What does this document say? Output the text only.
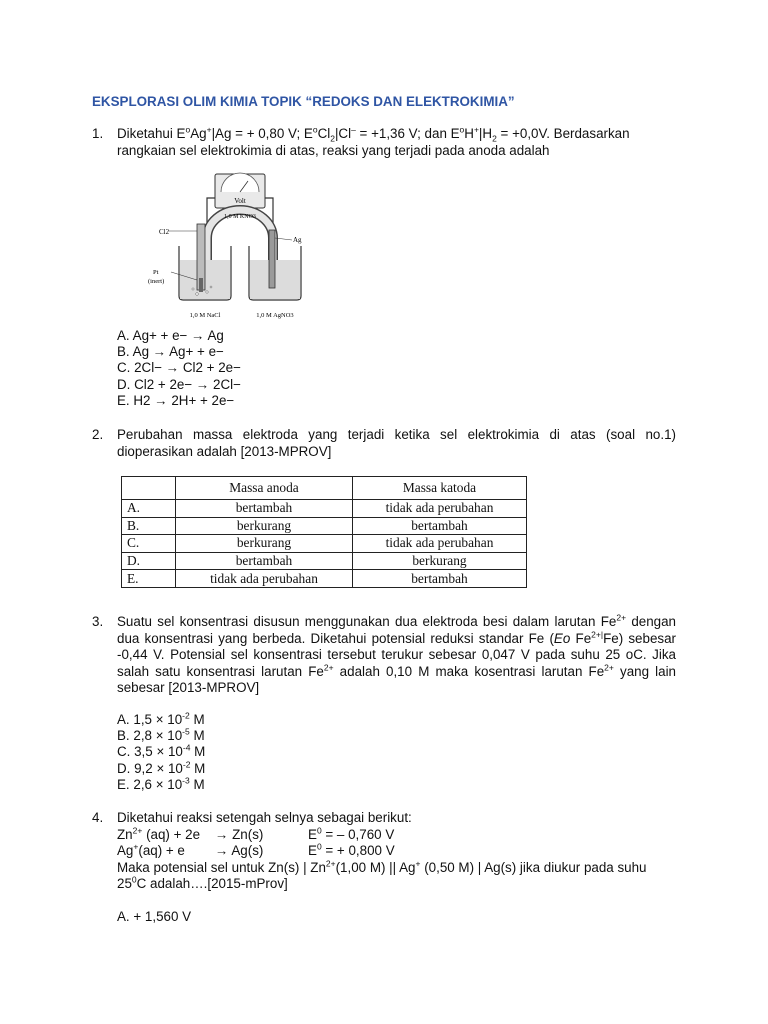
EKSPLORASI OLIM KIMIA TOPIK “REDOKS DAN ELEKTROKIMIA”
1. Diketahui $E^oAg^+|Ag$ = + 0,80 V; $E^oCl_2|Cl^- = +1,36$ V; dan $E^oH^+|H_2 = +0,0V$. Berdasarkan
rangkaian sel elektrokimia di atas, reaksi yang terjadi pada anoda adalah
Volt
1,0 M KNO3
Cl2
Ag
Pt
(inert)
1,0 M NaCl	1,0 M AgNO3
A. Ag+ + e− → Ag
B. Ag → Ag+ + e−
C. 2Cl− → Cl2 + 2e−
D. Cl2 + 2e− → 2Cl−
E. H2 → 2H+ + 2e−
2. Perubahan massa elektroda yang terjadi ketika sel elektrokimia di atas (soal no.1) dioperasikan adalah [2013-MPROV]
	Massa anoda	Massa katoda
A.	bertambah	tidak ada perubahan
B.	berkurang	bertambah
C.	berkurang	tidak ada perubahan
D.	bertambah	berkurang
E.	tidak ada perubahan	bertambah
3. Suatu sel konsentrasi disusun menggunakan dua elektroda besi dalam larutan $Fe^{2+}$ dengan dua konsentrasi yang berbeda. Diketahui potensial reduksi standar Fe (Eo $Fe^{2+|}Fe$) sebesar -0,44 V. Potensial sel konsentrasi tersebut terukur sebesar 0,047 V pada suhu 25 oC. Jika salah satu konsentrasi larutan $Fe^{2+}$ adalah 0,10 M maka kosentrasi larutan $Fe^{2+}$ yang lain sebesar [2013-MPROV]
A. $1,5 \times 10^{-2}$ M
B. $2,8 \times 10^{-5}$ M
C. $3,5 \times 10^{-4}$ M
D. $9,2 \times 10^{-2}$ M
E. $2,6 \times 10^{-3}$ M
4. Diketahui reaksi setengah selnya sebagai berikut:
$Zn^{2+}$ (aq) + 2e → Zn(s)	$E^0$ = – 0,760 V
Ag+(aq) + e → Ag(s)	$E^0$ = + 0,800 V
Maka potensial sel untuk Zn(s) | $Zn^{2+}(1,00$ M) || Ag+ (0,50 M) | Ag(s) jika diukur pada suhu
$25^0C$ adalah….[2015-mProv]
A. + 1,560 V
